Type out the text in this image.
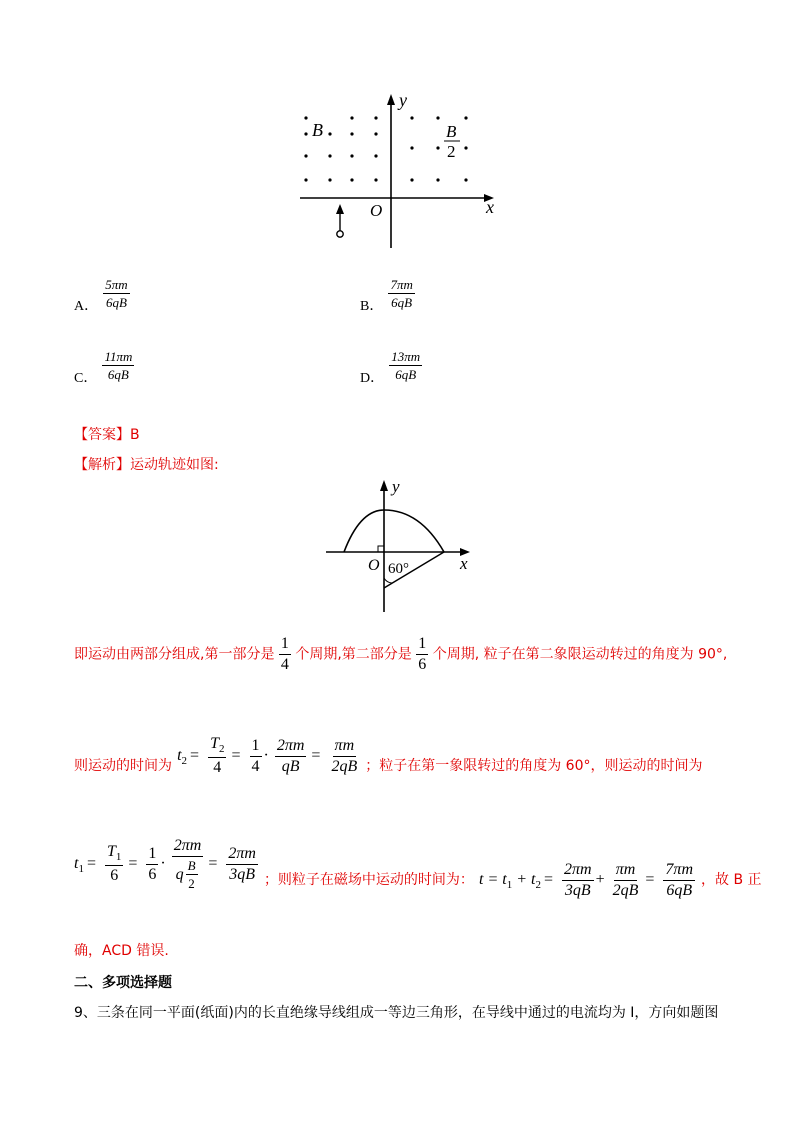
B	B
2
y
x
O
A． $\frac{5\pi m}{6qB}$	B． $\frac{7\pi m}{6qB}$
C． $\frac{11\pi m}{6qB}$	D． $\frac{13\pi m}{6qB}$
【答案】B
【解析】运动轨迹如图:
y
x
O 60°
即运动由两部分组成,第一部分是 $\frac{1}{4}$ 个周期,第二部分是 $\frac{1}{6}$ 个周期, 粒子在第二象限运动转过的角度为 90°,
则运动的时间为 $t_2 = \frac{T_2}{4} = \frac{1}{4} \cdot \frac{2\pi m}{qB} = \frac{\pi m}{2qB}$ ；粒子在第一象限转过的角度为 60°，则运动的时间为
$t_1 = \frac{T_1}{6} = \frac{1}{6} \cdot \frac{2\pi m}{q \frac{B}{2}} = \frac{2\pi m}{3qB}$ ；则粒子在磁场中运动的时间为： $t = t_1 + t_2 = \frac{2\pi m}{3qB} + \frac{\pi m}{2qB} = \frac{7\pi m}{6qB}$ ，故 B 正
确，ACD 错误.
二、多项选择题
9、三条在同一平面(纸面)内的长直绝缘导线组成一等边三角形，在导线中通过的电流均为 I，方向如题图
